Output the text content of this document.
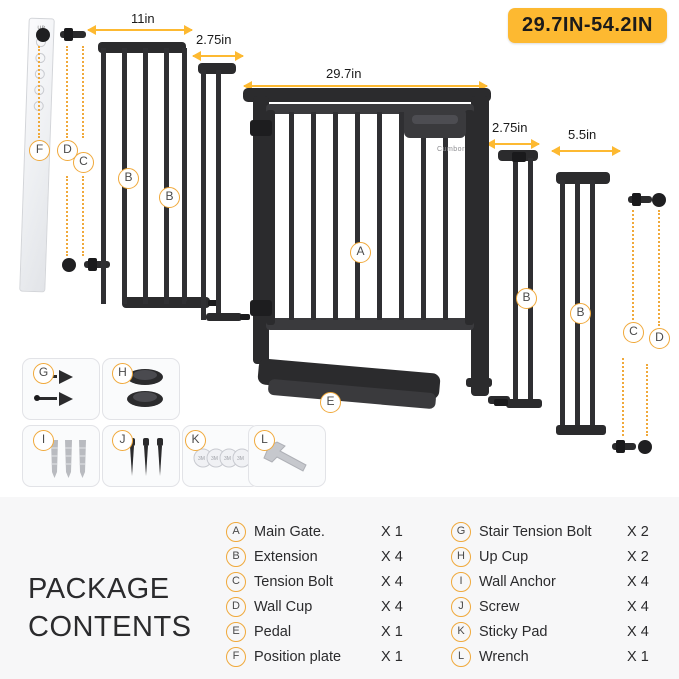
29.7IN-54.2IN
11in
2.75in
29.7in
2.75in	5.5in
F	D
C
B
B
Cumbor
A
E
B
B
C	D
G	H
I	J
3M 3M 3M 3M
K	L
PACKAGE
CONTENTS
A Main Gate.	X 1
B Extension	X 4
C Tension Bolt	X 4
D Wall Cup	X 4
E Pedal	X 1
F Position plate	X 1
G Stair Tension Bolt X 2
H Up Cup	X 2
I Wall Anchor	X 4
J Screw	X 4
K Sticky Pad	X 4
L Wrench	X 1
